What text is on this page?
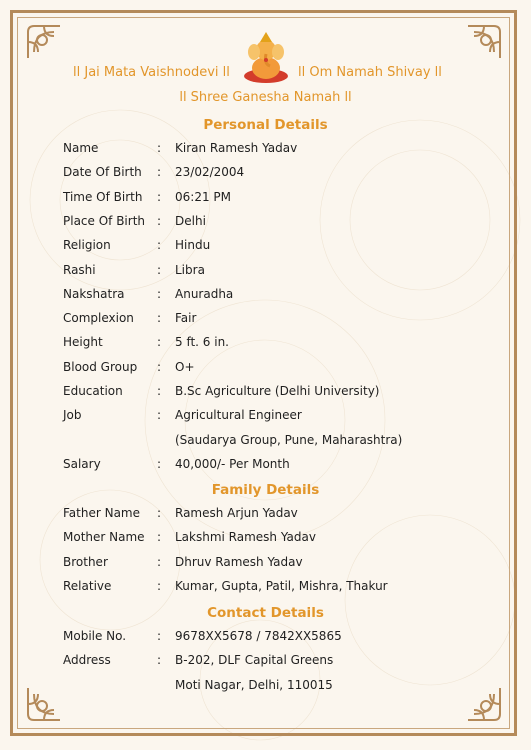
ll Jai Mata Vaishnodevi ll	ll Om Namah Shivay ll
ll Shree Ganesha Namah ll
Personal Details
Family Details
Contact Details
Name	: Kiran Ramesh Yadav
Date Of Birth : 23/02/2004
Time Of Birth : 06:21 PM
Place Of Birth : Delhi
Religion	: Hindu
Rashi	: Libra
Nakshatra	: Anuradha
Complexion : Fair
Height	: 5 ft. 6 in.
Blood Group : O+
Education	: B.Sc Agriculture (Delhi University)
Job	: Agricultural Engineer
(Saudarya Group, Pune, Maharashtra)
Salary	: 40,000/- Per Month
Father Name : Ramesh Arjun Yadav
Mother Name : Lakshmi Ramesh Yadav
Brother	: Dhruv Ramesh Yadav
Relative	: Kumar, Gupta, Patil, Mishra, Thakur
Mobile No.	: 9678XX5678 / 7842XX5865
Address	: B-202, DLF Capital Greens
Moti Nagar, Delhi, 110015
